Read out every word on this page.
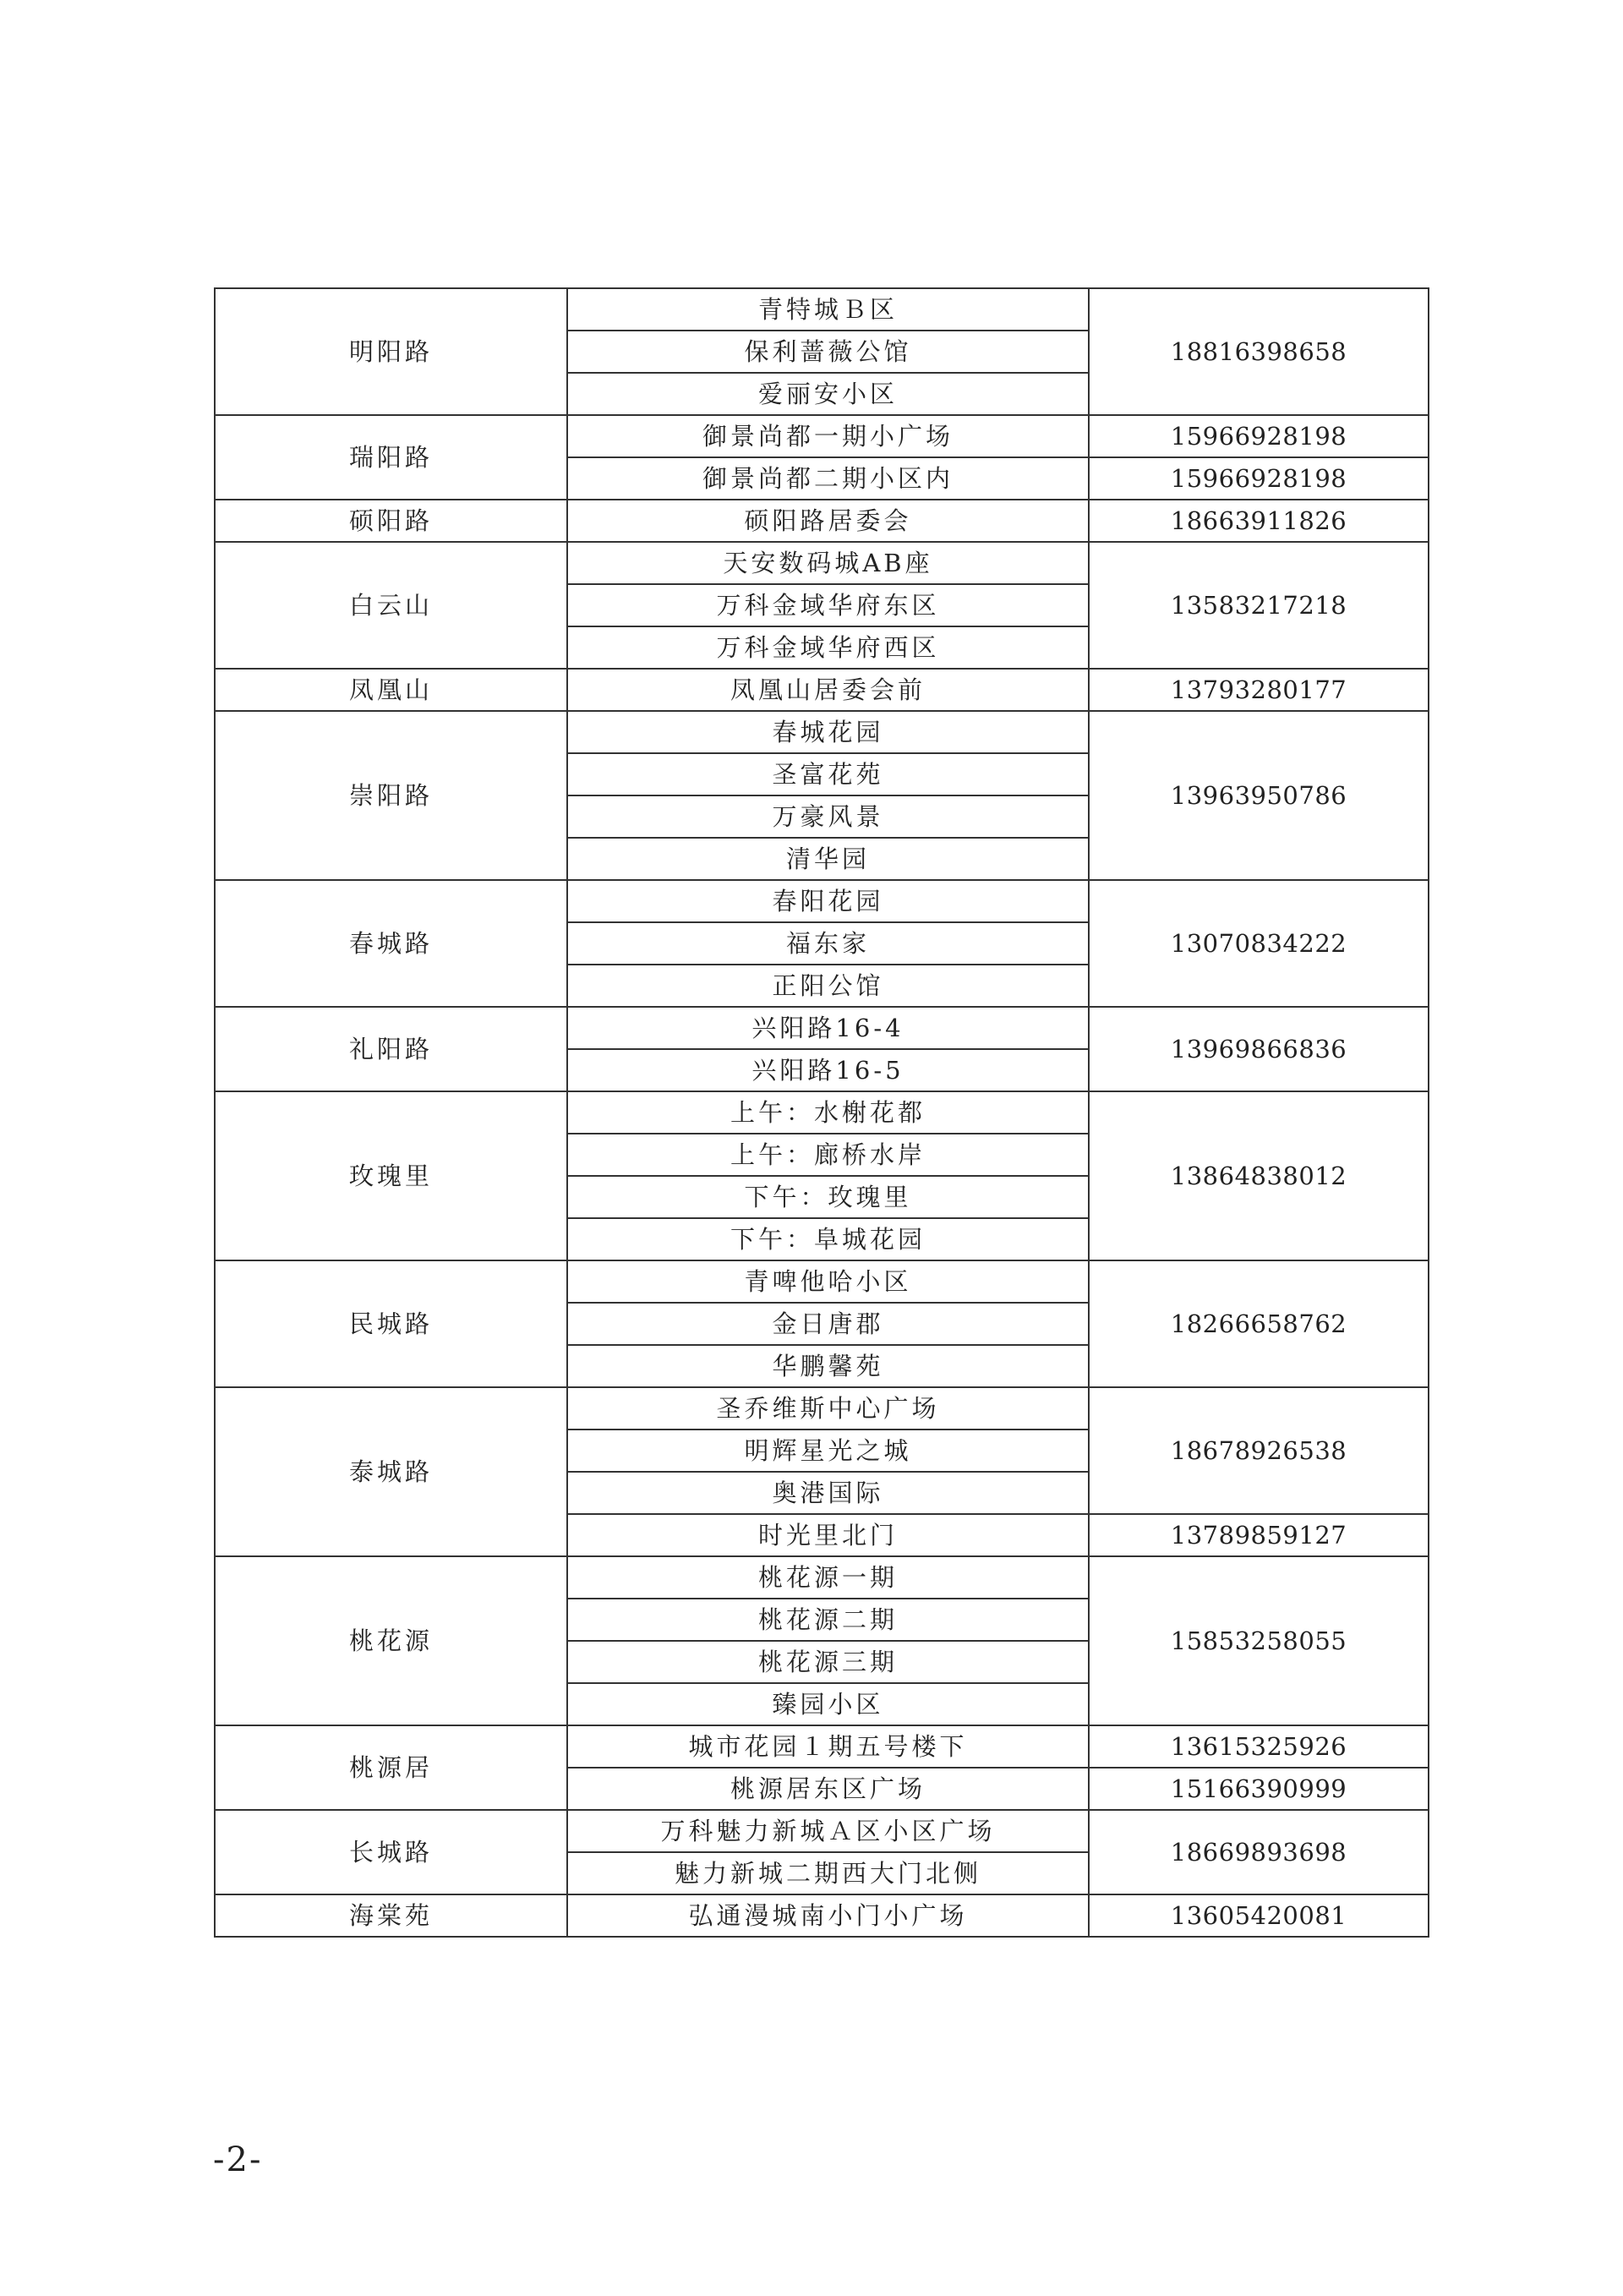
明阳路	青特城Ｂ区	18816398658
	保利蔷薇公馆	
	爱丽安小区	
瑞阳路	御景尚都一期小广场	15966928198
	御景尚都二期小区内	15966928198
硕阳路	硕阳路居委会	18663911826
白云山	天安数码城AB座	13583217218
	万科金域华府东区	
	万科金域华府西区	
凤凰山	凤凰山居委会前	13793280177
崇阳路	春城花园	13963950786
	圣富花苑	
	万豪风景	
	清华园	
春城路	春阳花园	13070834222
	福东家	
	正阳公馆	
礼阳路	兴阳路16-4	13969866836
	兴阳路16-5	
玫瑰里	上午：水榭花都	13864838012
	上午：廊桥水岸	
	下午：玫瑰里	
	下午：阜城花园	
民城路	青啤他哈小区	18266658762
	金日唐郡	
	华鹏馨苑	
泰城路	圣乔维斯中心广场	18678926538
	明辉星光之城	
	奥港国际	
	时光里北门	13789859127
桃花源	桃花源一期	15853258055
	桃花源二期	
	桃花源三期	
	臻园小区	
桃源居	城市花园１期五号楼下	13615325926
	桃源居东区广场	15166390999
长城路	万科魅力新城Ａ区小区广场	18669893698
	魅力新城二期西大门北侧	
海棠苑	弘通漫城南小门小广场	13605420081
-2-
